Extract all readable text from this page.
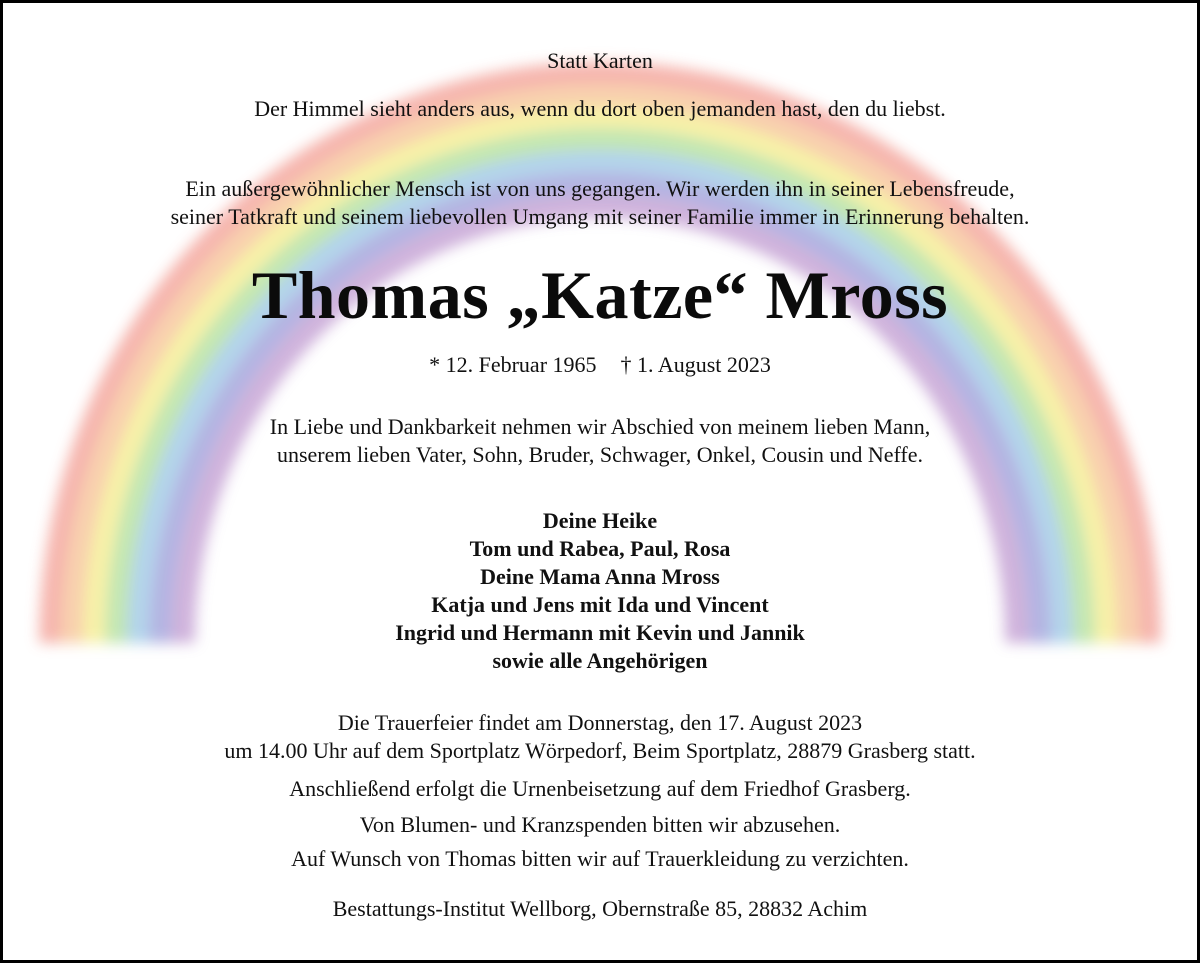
Statt Karten
Der Himmel sieht anders aus, wenn du dort oben jemanden hast, den du liebst.
Ein außergewöhnlicher Mensch ist von uns gegangen. Wir werden ihn in seiner Lebensfreude,
seiner Tatkraft und seinem liebevollen Umgang mit seiner Familie immer in Erinnerung behalten.
Thomas „Katze“ Mross
* 12. Februar 1965 † 1. August 2023
In Liebe und Dankbarkeit nehmen wir Abschied von meinem lieben Mann,
unserem lieben Vater, Sohn, Bruder, Schwager, Onkel, Cousin und Neffe.
Deine Heike
Tom und Rabea, Paul, Rosa
Deine Mama Anna Mross
Katja und Jens mit Ida und Vincent
Ingrid und Hermann mit Kevin und Jannik
sowie alle Angehörigen
Die Trauerfeier findet am Donnerstag, den 17. August 2023
um 14.00 Uhr auf dem Sportplatz Wörpedorf, Beim Sportplatz, 28879 Grasberg statt.
Anschließend erfolgt die Urnenbeisetzung auf dem Friedhof Grasberg.
Von Blumen- und Kranzspenden bitten wir abzusehen.
Auf Wunsch von Thomas bitten wir auf Trauerkleidung zu verzichten.
Bestattungs-Institut Wellborg, Obernstraße 85, 28832 Achim
